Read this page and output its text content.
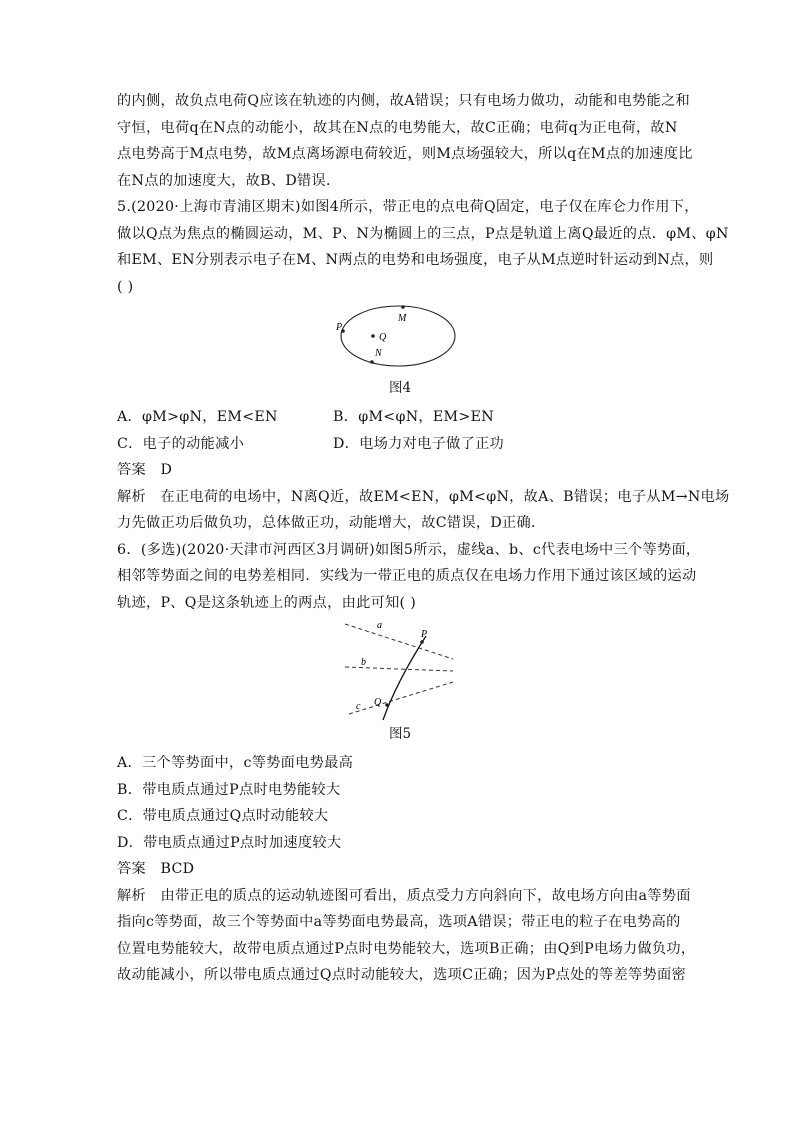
的内侧，故负点电荷Q应该在轨迹的内侧，故A错误；只有电场力做功，动能和电势能之和
守恒，电荷q在N点的动能小，故其在N点的电势能大，故C正确；电荷q为正电荷，故N
点电势高于M点电势，故M点离场源电荷较近，则M点场强较大，所以q在M点的加速度比
在N点的加速度大，故B、D错误．
5.(2020·上海市青浦区期末)如图4所示，带正电的点电荷Q固定，电子仅在库仑力作用下，
做以Q点为焦点的椭圆运动，M、P、N为椭圆上的三点，P点是轨道上离Q最近的点．φM、φN
和EM、EN分别表示电子在M、N两点的电势和电场强度，电子从M点逆时针运动到N点，则
( )
M
P
Q
N
图4
A．φM>φN，EM<EN	B．φM<φN，EM>EN
C．电子的动能减小	D．电场力对电子做了正功
答案　D
解析　在正电荷的电场中，N离Q近，故EM<EN，φM<φN，故A、B错误；电子从M→N电场
力先做正功后做负功，总体做正功，动能增大，故C错误，D正确．
6．(多选)(2020·天津市河西区3月调研)如图5所示，虚线a、b、c代表电场中三个等势面，
相邻等势面之间的电势差相同．实线为一带正电的质点仅在电场力作用下通过该区域的运动
轨迹，P、Q是这条轨迹上的两点，由此可知( )
a
b
c
P
Q
图5
A．三个等势面中，c等势面电势最高
B．带电质点通过P点时电势能较大
C．带电质点通过Q点时动能较大
D．带电质点通过P点时加速度较大
答案　BCD
解析　由带正电的质点的运动轨迹图可看出，质点受力方向斜向下，故电场方向由a等势面
指向c等势面，故三个等势面中a等势面电势最高，选项A错误；带正电的粒子在电势高的
位置电势能较大，故带电质点通过P点时电势能较大，选项B正确；由Q到P电场力做负功，
故动能减小，所以带电质点通过Q点时动能较大，选项C正确；因为P点处的等差等势面密
